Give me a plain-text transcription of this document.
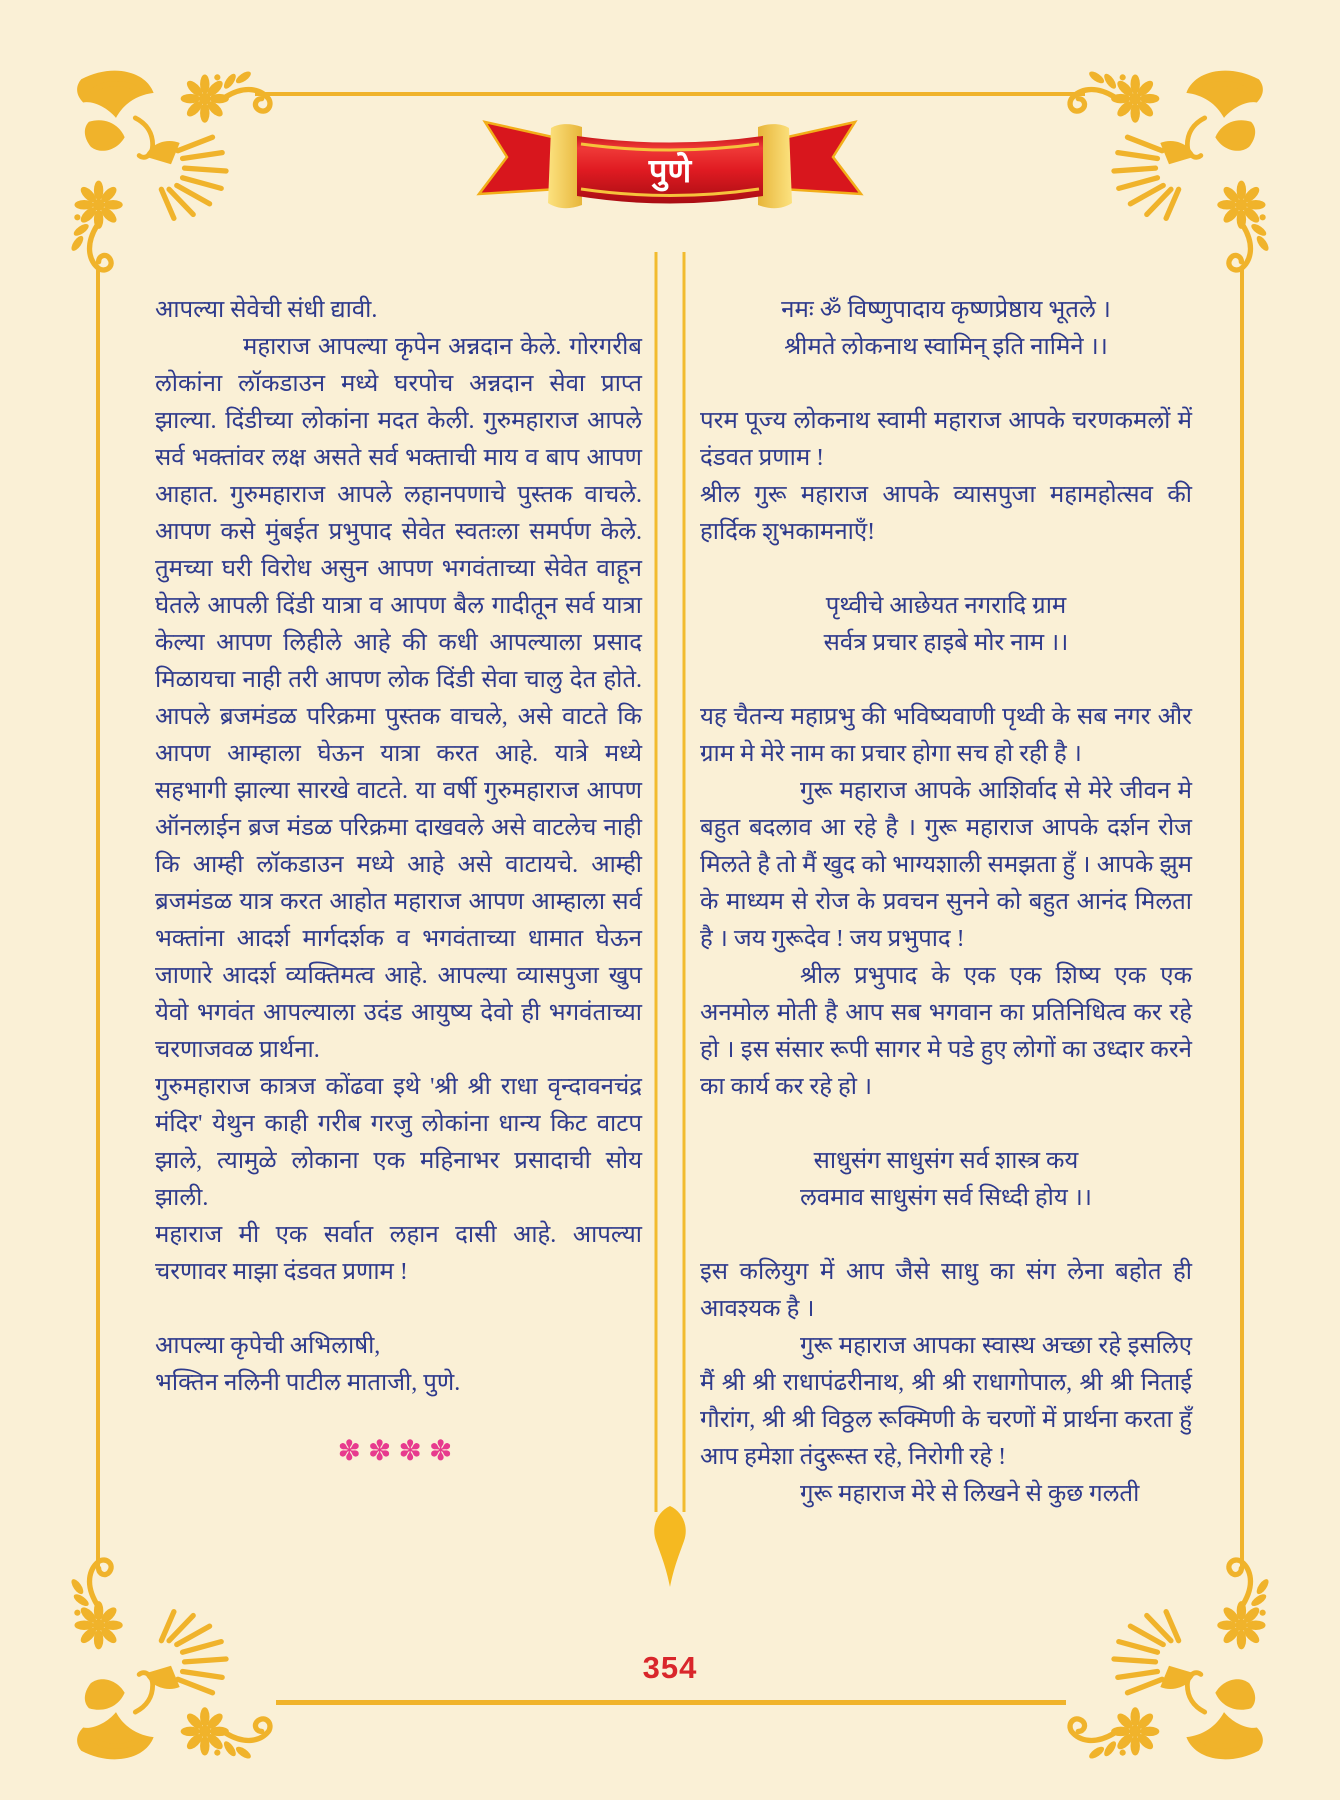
पुणे

आपल्या सेवेची संधी द्यावी.

महाराज आपल्या कृपेन अन्नदान केले. गोरगरीब लोकांना लॉकडाउन मध्ये घरपोच अन्नदान सेवा प्राप्त झाल्या. दिंडीच्या लोकांना मदत केली. गुरुमहाराज आपले सर्व भक्तांवर लक्ष असते सर्व भक्ताची माय व बाप आपण आहात. गुरुमहाराज आपले लहानपणाचे पुस्तक वाचले. आपण कसे मुंबईत प्रभुपाद सेवेत स्वतःला समर्पण केले. तुमच्या घरी विरोध असुन आपण भगवंताच्या सेवेत वाहून घेतले आपली दिंडी यात्रा व आपण बैल गादीतून सर्व यात्रा केल्या आपण लिहीले आहे की कधी आपल्याला प्रसाद मिळायचा नाही तरी आपण लोक दिंडी सेवा चालु देत होते. आपले ब्रजमंडळ परिक्रमा पुस्तक वाचले, असे वाटते कि आपण आम्हाला घेऊन यात्रा करत आहे. यात्रे मध्ये सहभागी झाल्या सारखे वाटते. या वर्षी गुरुमहाराज आपण ऑनलाईन ब्रज मंडळ परिक्रमा दाखवले असे वाटलेच नाही कि आम्ही लॉकडाउन मध्ये आहे असे वाटायचे. आम्ही ब्रजमंडळ यात्र करत आहोत महाराज आपण आम्हाला सर्व भक्तांना आदर्श मार्गदर्शक व भगवंताच्या धामात घेऊन जाणारे आदर्श व्यक्तिमत्व आहे. आपल्या व्यासपुजा खुप येवो भगवंत आपल्याला उदंड आयुष्य देवो ही भगवंताच्या चरणाजवळ प्रार्थना.

गुरुमहाराज कात्रज कोंढवा इथे 'श्री श्री राधा वृन्दावनचंद्र मंदिर' येथुन काही गरीब गरजु लोकांना धान्य किट वाटप झाले, त्यामुळे लोकाना एक महिनाभर प्रसादाची सोय झाली.

महाराज मी एक सर्वात लहान दासी आहे. आपल्या चरणावर माझा दंडवत प्रणाम !

आपल्या कृपेची अभिलाषी,

भक्तिन नलिनी पाटील माताजी, पुणे.

✽✽✽✽

नमः ॐ विष्णुपादाय कृष्णप्रेष्ठाय भूतले ।

श्रीमते लोकनाथ स्वामिन् इति नामिने ।।

परम पूज्य लोकनाथ स्वामी महाराज आपके चरणकमलों में दंडवत प्रणाम !

श्रील गुरू महाराज आपके व्यासपुजा महामहोत्सव की हार्दिक शुभकामनाएँ!

पृथ्वीचे आछेयत नगरादि ग्राम

सर्वत्र प्रचार हाइबे मोर नाम ।।

यह चैतन्य महाप्रभु की भविष्यवाणी पृथ्वी के सब नगर और ग्राम मे मेरे नाम का प्रचार होगा सच हो रही है ।

गुरू महाराज आपके आशिर्वाद से मेरे जीवन मे बहुत बदलाव आ रहे है । गुरू महाराज आपके दर्शन रोज मिलते है तो मैं खुद को भाग्यशाली समझता हुँ । आपके झुम के माध्यम से रोज के प्रवचन सुनने को बहुत आनंद मिलता है । जय गुरूदेव ! जय प्रभुपाद !

श्रील प्रभुपाद के एक एक शिष्य एक एक अनमोल मोती है आप सब भगवान का प्रतिनिधित्व कर रहे हो । इस संसार रूपी सागर मे पडे हुए लोगों का उध्दार करने का कार्य कर रहे हो ।

साधुसंग साधुसंग सर्व शास्त्र कय

लवमाव साधुसंग सर्व सिध्दी होय ।।

इस कलियुग में आप जैसे साधु का संग लेना बहोत ही आवश्यक है ।

गुरू महाराज आपका स्वास्थ अच्छा रहे इसलिए मैं श्री श्री राधापंढरीनाथ, श्री श्री राधागोपाल, श्री श्री निताई गौरांग, श्री श्री विठ्ठल रूक्मिणी के चरणों में प्रार्थना करता हुँ आप हमेशा तंदुरूस्त रहे, निरोगी रहे !

गुरू महाराज मेरे से लिखने से कुछ गलती

354
